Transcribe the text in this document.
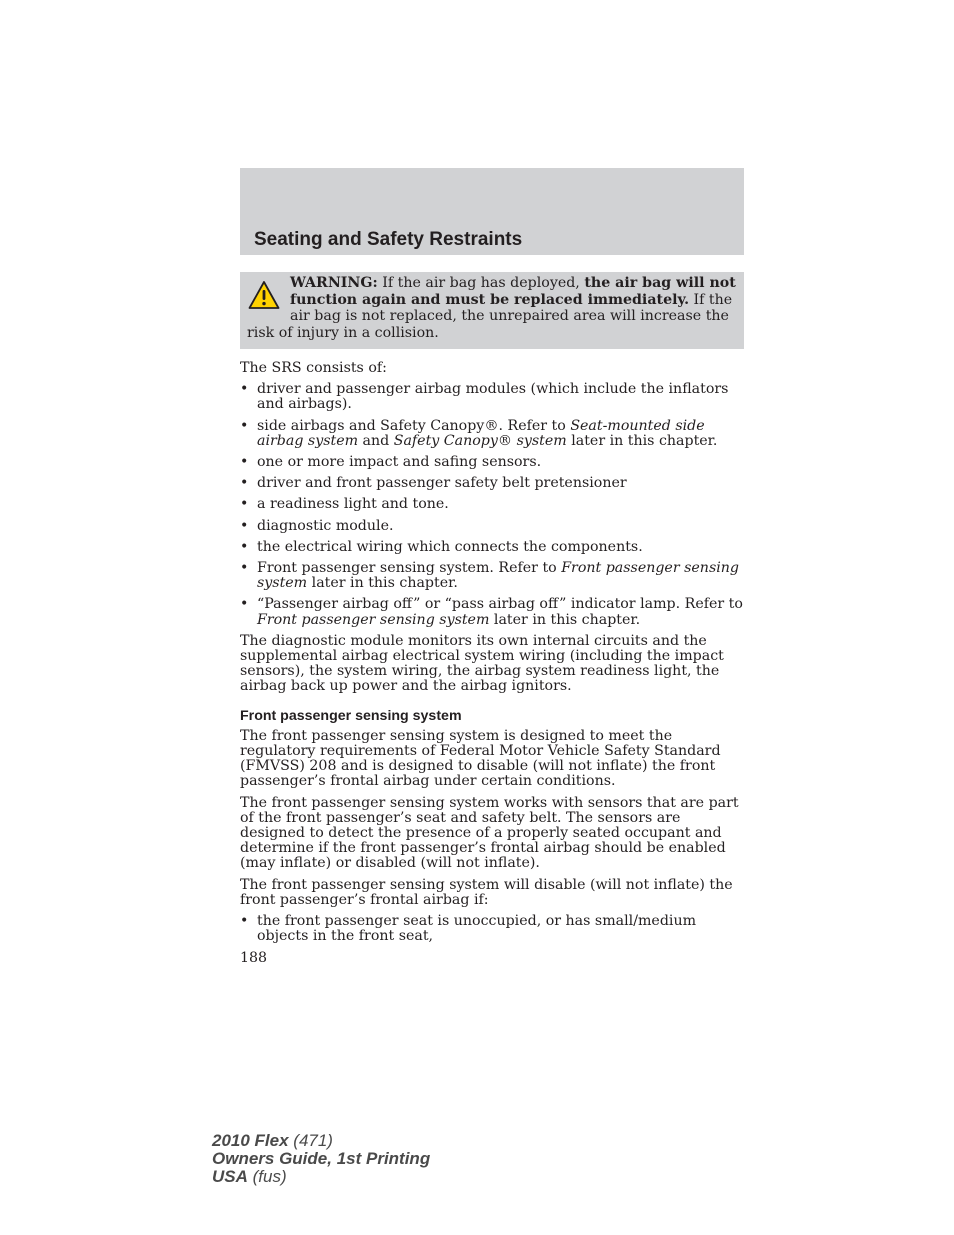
Seating and Safety Restraints
WARNING: If the air bag has deployed, the air bag will not function again and must be replaced immediately. If the air bag is not replaced, the unrepaired area will increase the risk of injury in a collision.

The SRS consists of:

• driver and passenger airbag modules (which include the inflators and airbags).
• side airbags and Safety Canopy®. Refer to Seat-mounted side airbag system and Safety Canopy® system later in this chapter.
• one or more impact and safing sensors.
• driver and front passenger safety belt pretensioner
• a readiness light and tone.
• diagnostic module.
• the electrical wiring which connects the components.
• Front passenger sensing system. Refer to Front passenger sensing system later in this chapter.
• “Passenger airbag off” or “pass airbag off” indicator lamp. Refer to Front passenger sensing system later in this chapter.

The diagnostic module monitors its own internal circuits and the supplemental airbag electrical system wiring (including the impact sensors), the system wiring, the airbag system readiness light, the airbag back up power and the airbag ignitors.

Front passenger sensing system

The front passenger sensing system is designed to meet the regulatory requirements of Federal Motor Vehicle Safety Standard (FMVSS) 208 and is designed to disable (will not inflate) the front passenger’s frontal airbag under certain conditions.

The front passenger sensing system works with sensors that are part of the front passenger’s seat and safety belt. The sensors are designed to detect the presence of a properly seated occupant and determine if the front passenger’s frontal airbag should be enabled (may inflate) or disabled (will not inflate).

The front passenger sensing system will disable (will not inflate) the front passenger’s frontal airbag if:

• the front passenger seat is unoccupied, or has small/medium objects in the front seat,
188
2010 Flex (471)
Owners Guide, 1st Printing
USA (fus)
